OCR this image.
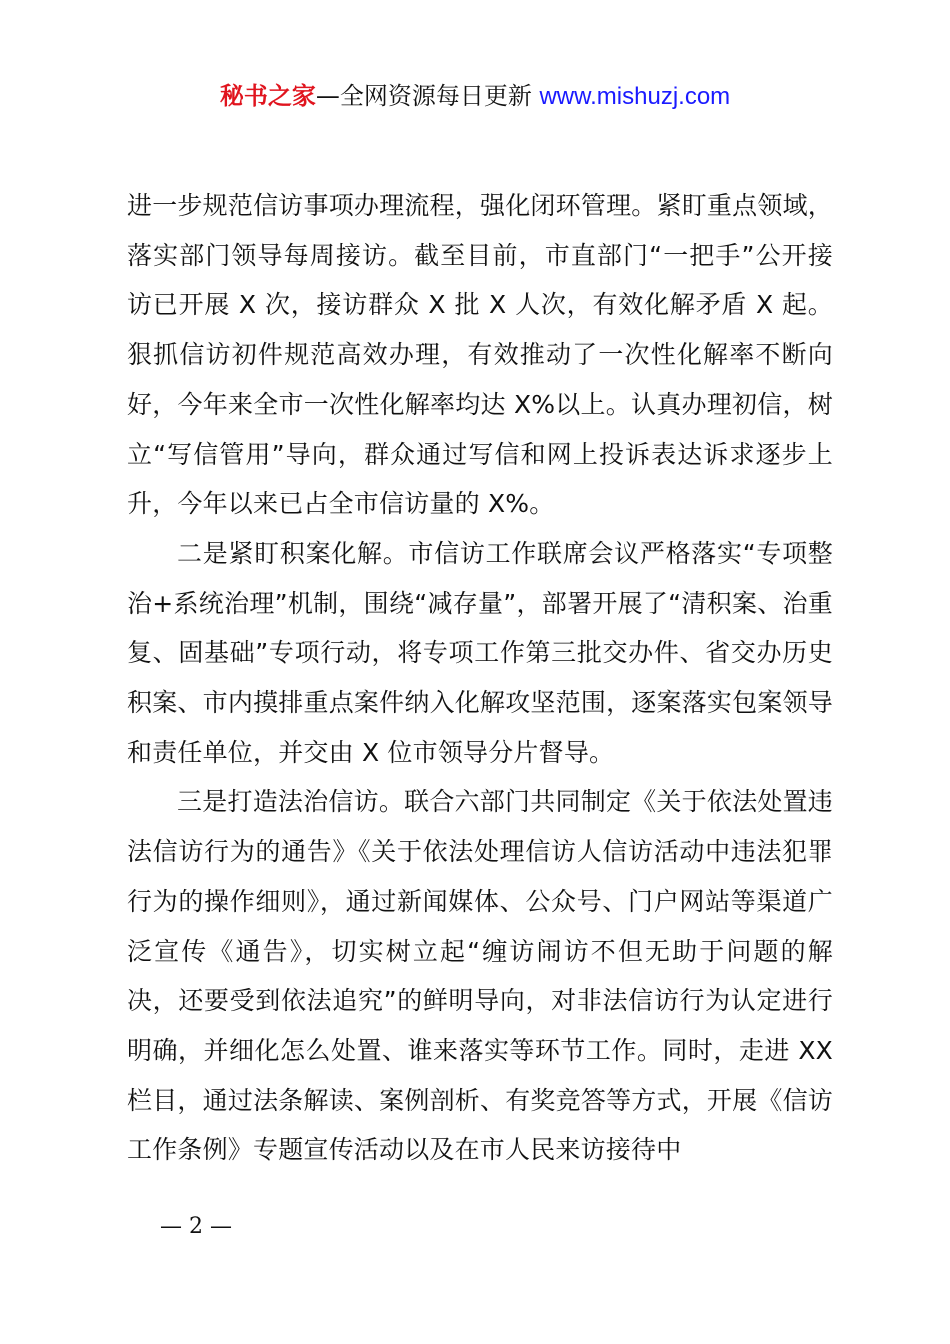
秘书之家—全网资源每日更新 www.mishuzj.com

进一步规范信访事项办理流程，强化闭环管理。紧盯重点领域，落实部门领导每周接访。截至目前，市直部门“一把手”公开接访已开展 X 次，接访群众 X 批 X 人次，有效化解矛盾 X 起。狠抓信访初件规范高效办理，有效推动了一次性化解率不断向好，今年来全市一次性化解率均达 X%以上。认真办理初信，树立“写信管用”导向，群众通过写信和网上投诉表达诉求逐步上升，今年以来已占全市信访量的 X%。

二是紧盯积案化解。市信访工作联席会议严格落实“专项整治+系统治理”机制，围绕“减存量”，部署开展了“清积案、治重复、固基础”专项行动，将专项工作第三批交办件、省交办历史积案、市内摸排重点案件纳入化解攻坚范围，逐案落实包案领导和责任单位，并交由 X 位市领导分片督导。

三是打造法治信访。联合六部门共同制定《关于依法处置违法信访行为的通告》《关于依法处理信访人信访活动中违法犯罪行为的操作细则》，通过新闻媒体、公众号、门户网站等渠道广泛宣传《通告》，切实树立起“缠访闹访不但无助于问题的解决，还要受到依法追究”的鲜明导向，对非法信访行为认定进行明确，并细化怎么处置、谁来落实等环节工作。同时，走进 XX 栏目，通过法条解读、案例剖析、有奖竞答等方式，开展《信访工作条例》专题宣传活动以及在市人民来访接待中

— 2 —
